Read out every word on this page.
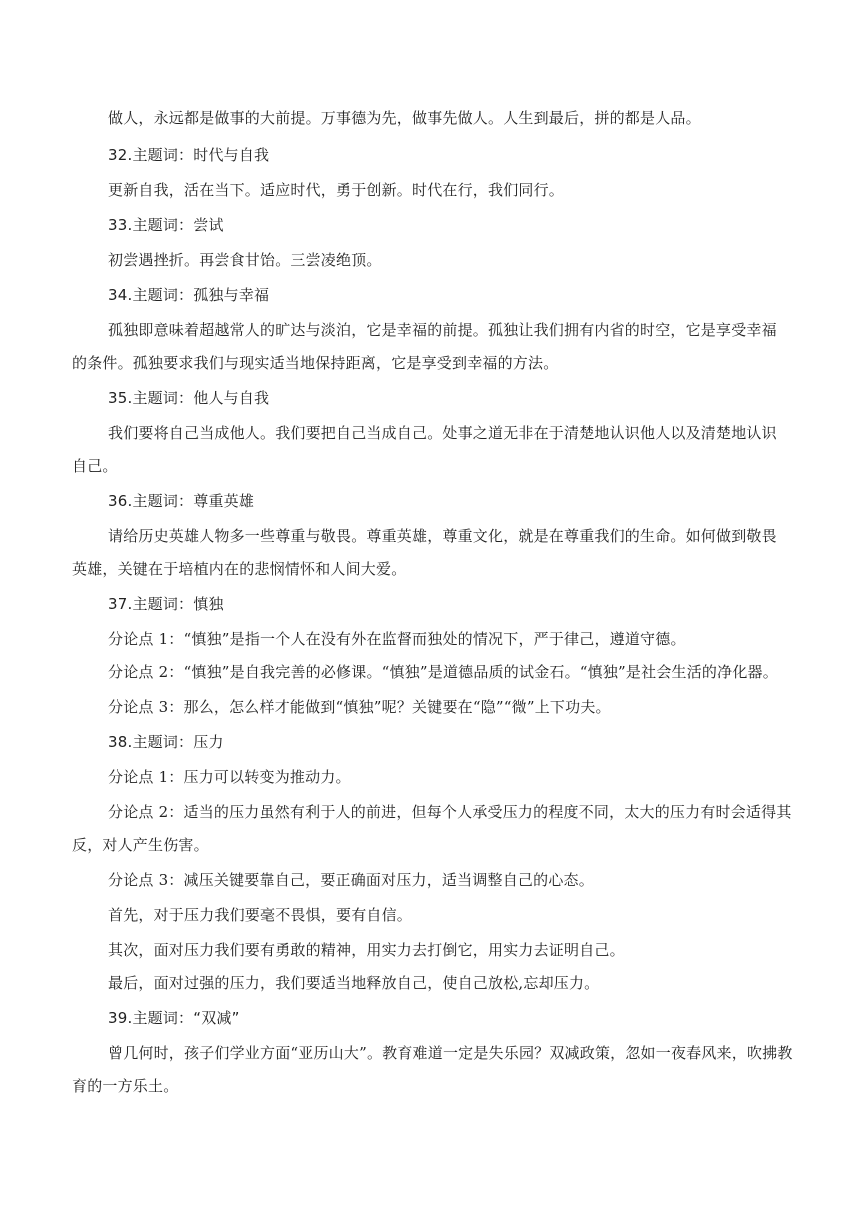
做人，永远都是做事的大前提。万事德为先，做事先做人。人生到最后，拼的都是人品。
32.主题词：时代与自我
更新自我，活在当下。适应时代，勇于创新。时代在行，我们同行。
33.主题词：尝试
初尝遇挫折。再尝食甘饴。三尝凌绝顶。
34.主题词：孤独与幸福
孤独即意味着超越常人的旷达与淡泊，它是幸福的前提。孤独让我们拥有内省的时空，它是享受幸福
的条件。孤独要求我们与现实适当地保持距离，它是享受到幸福的方法。
35.主题词：他人与自我
我们要将自己当成他人。我们要把自己当成自己。处事之道无非在于清楚地认识他人以及清楚地认识
自己。
36.主题词：尊重英雄
请给历史英雄人物多一些尊重与敬畏。尊重英雄，尊重文化，就是在尊重我们的生命。如何做到敬畏
英雄，关键在于培植内在的悲悯情怀和人间大爱。
37.主题词：慎独
分论点 1：“慎独”是指一个人在没有外在监督而独处的情况下，严于律己，遵道守德。
分论点 2：“慎独”是自我完善的必修课。“慎独”是道德品质的试金石。“慎独”是社会生活的净化器。
分论点 3：那么，怎么样才能做到“慎独”呢？关键要在“隐”“微”上下功夫。
38.主题词：压力
分论点 1：压力可以转变为推动力。
分论点 2：适当的压力虽然有利于人的前进，但每个人承受压力的程度不同，太大的压力有时会适得其
反，对人产生伤害。
分论点 3：减压关键要靠自己，要正确面对压力，适当调整自己的心态。
首先，对于压力我们要毫不畏惧，要有自信。
其次，面对压力我们要有勇敢的精神，用实力去打倒它，用实力去证明自己。
最后，面对过强的压力，我们要适当地释放自己，使自己放松,忘却压力。
39.主题词：“双减”
曾几何时，孩子们学业方面“亚历山大”。教育难道一定是失乐园？双减政策，忽如一夜春风来，吹拂教
育的一方乐土。
